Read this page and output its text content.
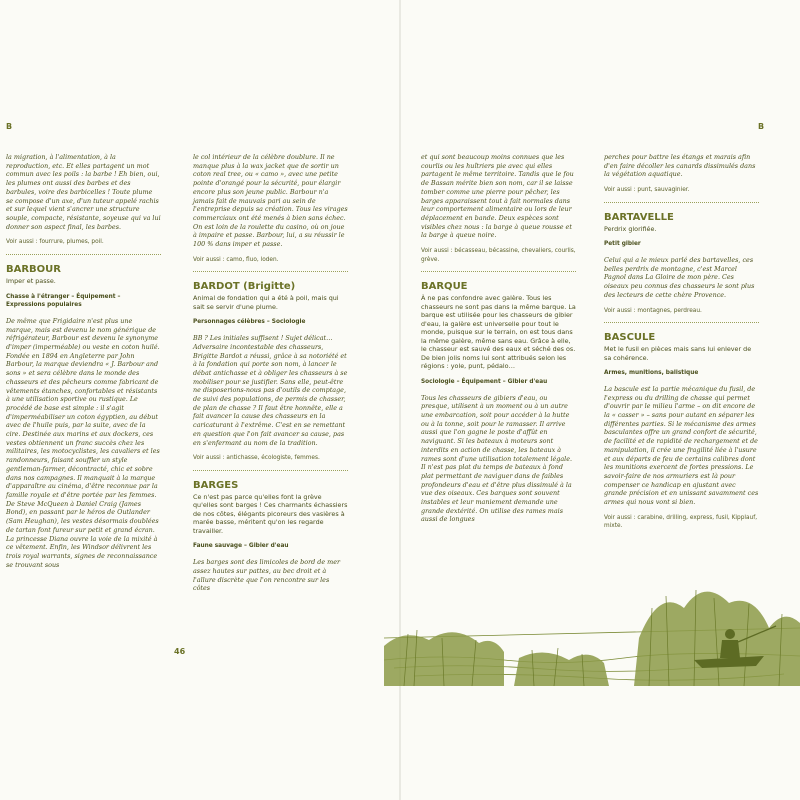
B

la migration, à l'alimentation, à la reproduction, etc. Et elles partagent un mot commun avec les poils : la barbe ! Eh bien, oui, les plumes ont aussi des barbes et des barbules, voire des barbicelles ! Toute plume se compose d'un axe, d'un tuteur appelé rachis et sur lequel vient s'ancrer une structure souple, compacte, résistante, soyeuse qui va lui donner son aspect final, les barbes.

Voir aussi : fourrure, plumes, poil.

BARBOUR

Imper et passe.

Chasse à l'étranger – Équipement – Expressions populaires

De même que Frigidaire n'est plus une marque, mais est devenu le nom générique de réfrigérateur, Barbour est devenu le synonyme d'imper (imperméable) ou veste en coton huilé. Fondée en 1894 en Angleterre par John Barbour, la marque deviendra « J. Barbour and sons » et sera célèbre dans le monde des chasseurs et des pêcheurs comme fabricant de vêtements étanches, confortables et résistants à une utilisation sportive ou rustique. Le procédé de base est simple : il s'agit d'imperméabiliser un coton égyptien, au début avec de l'huile puis, par la suite, avec de la cire. Destinée aux marins et aux dockers, ces vestes obtiennent un franc succès chez les militaires, les motocyclistes, les cavaliers et les randonneurs, faisant souffler un style gentleman-farmer, décontracté, chic et sobre dans nos campagnes. Il manquait à la marque d'apparaître au cinéma, d'être reconnue par la famille royale et d'être portée par les femmes. De Steve McQueen à Daniel Craig (James Bond), en passant par le héros de Outlander (Sam Heughan), les vestes désormais doublées de tartan font fureur sur petit et grand écran. La princesse Diana ouvre la voie de la mixité à ce vêtement. Enfin, les Windsor délivrent les trois royal warrants, signes de reconnaissance se trouvant sous

le col intérieur de la célèbre doublure. Il ne manque plus à la wax jacket que de sortir un coton real tree, ou « camo », avec une petite pointe d'orangé pour la sécurité, pour élargir encore plus son jeune public. Barbour n'a jamais fait de mauvais pari au sein de l'entreprise depuis sa création. Tous les virages commerciaux ont été menés à bien sans échec. On est loin de la roulette du casino, où on joue à impaire et passe. Barbour, lui, a su réussir le 100 % dans imper et passe.

Voir aussi : camo, fluo, loden.

BARDOT (Brigitte)

Animal de fondation qui a été à poil, mais qui sait se servir d'une plume.

Personnages célèbres – Sociologie

BB ? Les initiales suffisent ! Sujet délicat… Adversaire incontestable des chasseurs, Brigitte Bardot a réussi, grâce à sa notoriété et à la fondation qui porte son nom, à lancer le débat antichasse et à obliger les chasseurs à se mobiliser pour se justifier. Sans elle, peut-être ne disposerions-nous pas d'outils de comptage, de suivi des populations, de permis de chasser, de plan de chasse ? Il faut être honnête, elle a fait avancer la cause des chasseurs en la caricaturant à l'extrême. C'est en se remettant en question que l'on fait avancer sa cause, pas en s'enfermant au nom de la tradition.

Voir aussi : antichasse, écologiste, femmes.

BARGES

Ce n'est pas parce qu'elles font la grève qu'elles sont barges ! Ces charmants échassiers de nos côtes, élégants picoreurs des vasières à marée basse, méritent qu'on les regarde travailler.

Faune sauvage – Gibier d'eau

Les barges sont des limicoles de bord de mer assez hautes sur pattes, au bec droit et à l'allure discrète que l'on rencontre sur les côtes

46
B

et qui sont beaucoup moins connues que les courlis ou les huîtriers pie avec qui elles partagent le même territoire. Tandis que le fou de Bassan mérite bien son nom, car il se laisse tomber comme une pierre pour pêcher, les barges apparaissent tout à fait normales dans leur comportement alimentaire ou lors de leur déplacement en bande. Deux espèces sont visibles chez nous : la barge à queue rousse et la barge à queue noire.

Voir aussi : bécasseau, bécassine, chevaliers, courlis, grève.

BARQUE

À ne pas confondre avec galère. Tous les chasseurs ne sont pas dans la même barque. La barque est utilisée pour les chasseurs de gibier d'eau, la galère est universelle pour tout le monde, puisque sur le terrain, on est tous dans la même galère, même sans eau. Grâce à elle, le chasseur est sauvé des eaux et séché des os. De bien jolis noms lui sont attribués selon les régions : yole, punt, pédalo…

Sociologie – Équipement – Gibier d'eau

Tous les chasseurs de gibiers d'eau, ou presque, utilisent à un moment ou à un autre une embarcation, soit pour accéder à la hutte ou à la tonne, soit pour le ramasser. Il arrive aussi que l'on gagne le poste d'affût en naviguant. Si les bateaux à moteurs sont interdits en action de chasse, les bateaux à rames sont d'une utilisation totalement légale. Il n'est pas plat du temps de bateaux à fond plat permettant de naviguer dans de faibles profondeurs d'eau et d'être plus dissimulé à la vue des oiseaux. Ces barques sont souvent instables et leur maniement demande une grande dextérité. On utilise des rames mais aussi de longues

perches pour battre les étangs et marais afin d'en faire décoller les canards dissimulés dans la végétation aquatique.

Voir aussi : punt, sauvaginier.

BARTAVELLE

Perdrix glorifiée.

Petit gibier

Celui qui a le mieux parlé des bartavelles, ces belles perdrix de montagne, c'est Marcel Pagnol dans La Gloire de mon père. Ces oiseaux peu connus des chasseurs le sont plus des lecteurs de cette chère Provence.

Voir aussi : montagnes, perdreau.

BASCULE

Met le fusil en pièces mais sans lui enlever de sa cohérence.

Armes, munitions, balistique

La bascule est la partie mécanique du fusil, de l'express ou du drilling de chasse qui permet d'ouvrir par le milieu l'arme – on dit encore de la « casser » – sans pour autant en séparer les différentes parties. Si le mécanisme des armes basculantes offre un grand confort de sécurité, de facilité et de rapidité de rechargement et de manipulation, il crée une fragilité liée à l'usure et aux départs de feu de certains calibres dont les munitions exercent de fortes pressions. Le savoir-faire de nos armuriers est là pour compenser ce handicap en ajustant avec grande précision et en unissant savamment ces armes qui nous vont si bien.

Voir aussi : carabine, drilling, express, fusil, Kipplauf, mixte.
